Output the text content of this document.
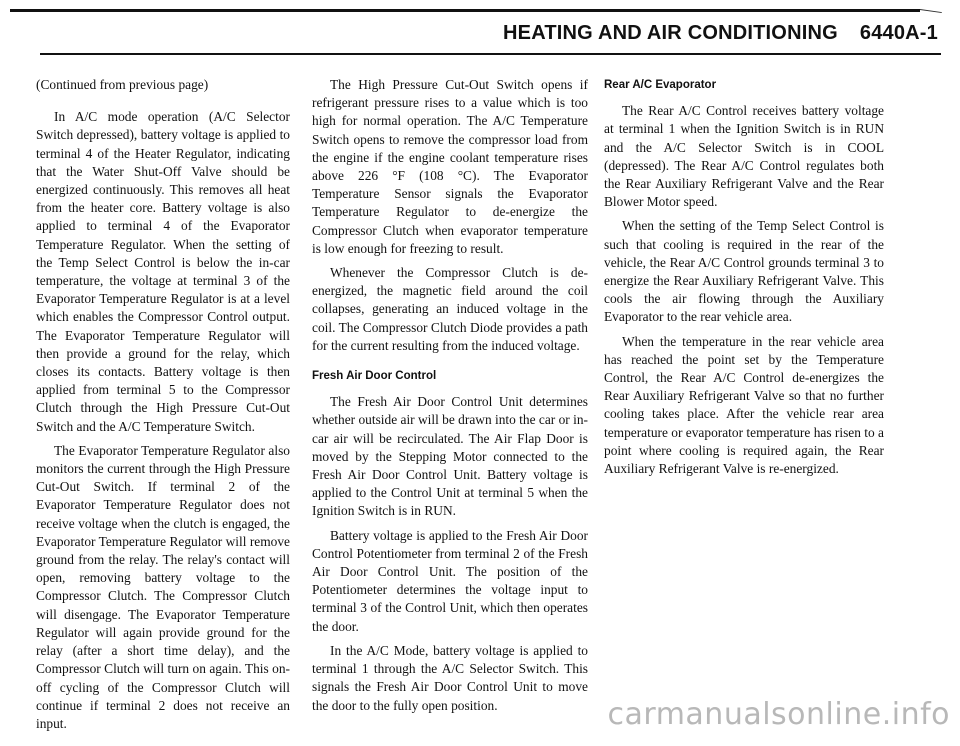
HEATING AND AIR CONDITIONING 6440A-1

(Continued from previous page)

In A/C mode operation (A/C Selector Switch depressed), battery voltage is applied to terminal 4 of the Heater Regulator, indicating that the Water Shut-Off Valve should be energized continuously. This removes all heat from the heater core. Battery voltage is also applied to terminal 4 of the Evaporator Temperature Regulator. When the setting of the Temp Select Control is below the in-car temperature, the voltage at terminal 3 of the Evaporator Temperature Regulator is at a level which enables the Compressor Control output. The Evaporator Temperature Regulator will then provide a ground for the relay, which closes its contacts. Battery voltage is then applied from terminal 5 to the Compressor Clutch through the High Pressure Cut-Out Switch and the A/C Temperature Switch.

The Evaporator Temperature Regulator also monitors the current through the High Pressure Cut-Out Switch. If terminal 2 of the Evaporator Temperature Regulator does not receive voltage when the clutch is engaged, the Evaporator Temperature Regulator will remove ground from the relay. The relay's contact will open, removing battery voltage to the Compressor Clutch. The Compressor Clutch will disengage. The Evaporator Temperature Regulator will again provide ground for the relay (after a short time delay), and the Compressor Clutch will turn on again. This on-off cycling of the Compressor Clutch will continue if terminal 2 does not receive an input.

The High Pressure Cut-Out Switch opens if refrigerant pressure rises to a value which is too high for normal operation. The A/C Temperature Switch opens to remove the compressor load from the engine if the engine coolant temperature rises above 226 °F (108 °C). The Evaporator Temperature Sensor signals the Evaporator Temperature Regulator to de-energize the Compressor Clutch when evaporator temperature is low enough for freezing to result.

Whenever the Compressor Clutch is de-energized, the magnetic field around the coil collapses, generating an induced voltage in the coil. The Compressor Clutch Diode provides a path for the current resulting from the induced voltage.

Fresh Air Door Control

The Fresh Air Door Control Unit determines whether outside air will be drawn into the car or in-car air will be recirculated. The Air Flap Door is moved by the Stepping Motor connected to the Fresh Air Door Control Unit. Battery voltage is applied to the Control Unit at terminal 5 when the Ignition Switch is in RUN.

Battery voltage is applied to the Fresh Air Door Control Potentiometer from terminal 2 of the Fresh Air Door Control Unit. The position of the Potentiometer determines the voltage input to terminal 3 of the Control Unit, which then operates the door.

In the A/C Mode, battery voltage is applied to terminal 1 through the A/C Selector Switch. This signals the Fresh Air Door Control Unit to move the door to the fully open position.

Rear A/C Evaporator

The Rear A/C Control receives battery voltage at terminal 1 when the Ignition Switch is in RUN and the A/C Selector Switch is in COOL (depressed). The Rear A/C Control regulates both the Rear Auxiliary Refrigerant Valve and the Rear Blower Motor speed.

When the setting of the Temp Select Control is such that cooling is required in the rear of the vehicle, the Rear A/C Control grounds terminal 3 to energize the Rear Auxiliary Refrigerant Valve. This cools the air flowing through the Auxiliary Evaporator to the rear vehicle area.

When the temperature in the rear vehicle area has reached the point set by the Temperature Control, the Rear A/C Control de-energizes the Rear Auxiliary Refrigerant Valve so that no further cooling takes place. After the vehicle rear area temperature or evaporator temperature has risen to a point where cooling is required again, the Rear Auxiliary Refrigerant Valve is re-energized.

carmanualsonline.info
